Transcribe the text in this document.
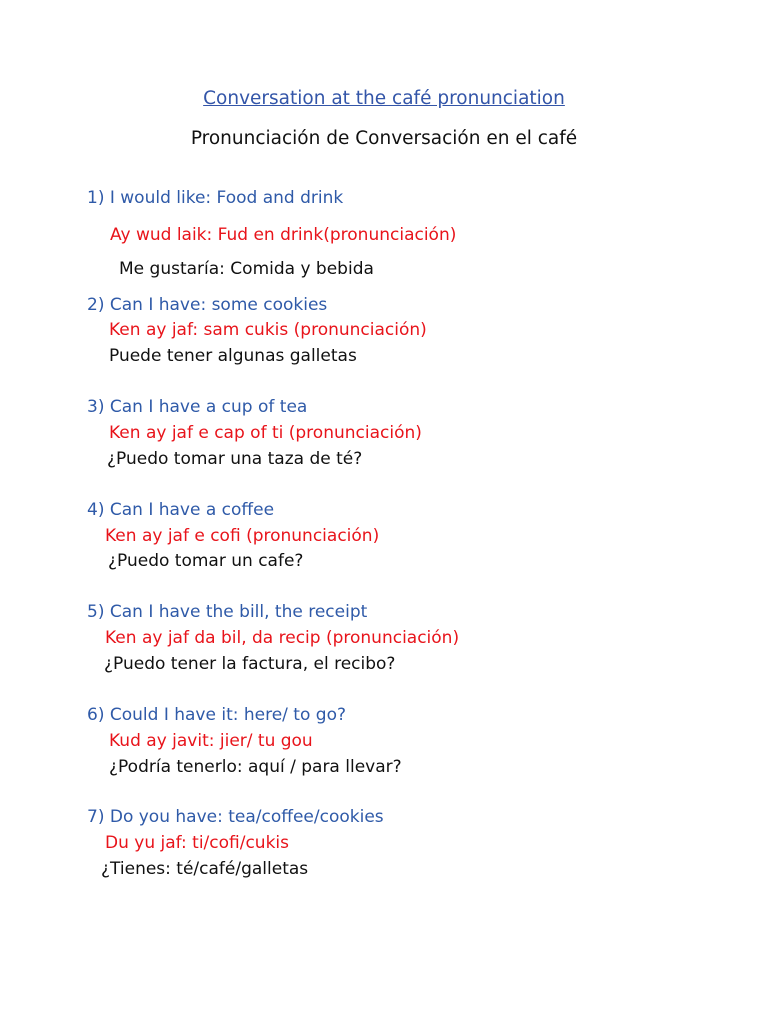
Conversation at the café pronunciation
Pronunciación de Conversación en el café
1) I would like: Food and drink
Ay wud laik: Fud en drink(pronunciación)
Me gustaría: Comida y bebida
2) Can I have: some cookies
Ken ay jaf: sam cukis (pronunciación)
Puede tener algunas galletas
3) Can I have a cup of tea
Ken ay jaf e cap of ti (pronunciación)
¿Puedo tomar una taza de té?
4) Can I have a coffee
Ken ay jaf e cofi (pronunciación)
¿Puedo tomar un cafe?
5) Can I have the bill, the receipt
Ken ay jaf da bil, da recip (pronunciación)
¿Puedo tener la factura, el recibo?
6) Could I have it: here/ to go?
Kud ay javit: jier/ tu gou
¿Podría tenerlo: aquí / para llevar?
7) Do you have: tea/coffee/cookies
Du yu jaf: ti/cofi/cukis
¿Tienes: té/café/galletas
